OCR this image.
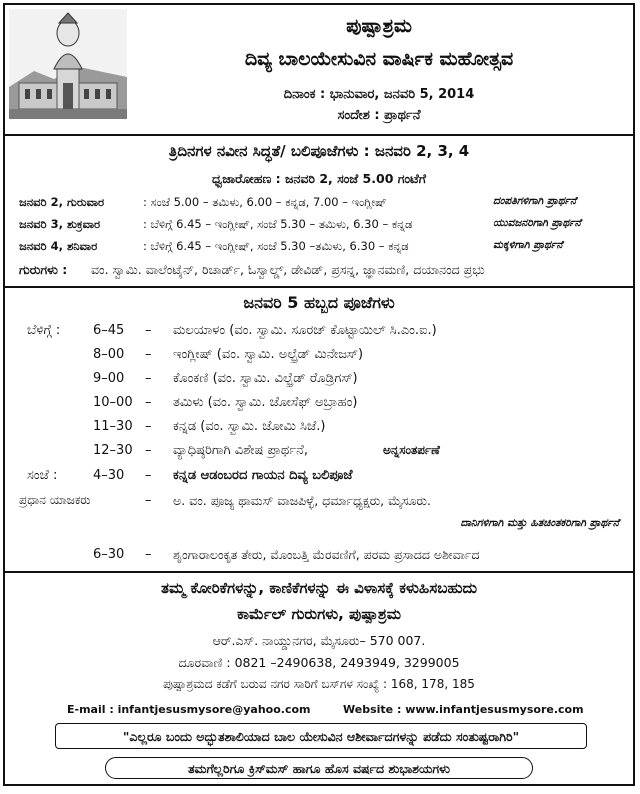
ಪುಷ್ಪಾಶ್ರಮ
ದಿವ್ಯ ಬಾಲಯೇಸುವಿನ ವಾರ್ಷಿಕ ಮಹೋತ್ಸವ
ದಿನಾಂಕ : ಭಾನುವಾರ, ಜನವರಿ 5, 2014
ಸಂದೇಶ : ಪ್ರಾರ್ಥನೆ
ತ್ರಿದಿನಗಳ ನವೀನ ಸಿದ್ಧತೆ/ ಬಲಿಪೂಜೆಗಳು : ಜನವರಿ 2, 3, 4
ಧ್ವಜಾರೋಹಣ : ಜನವರಿ 2, ಸಂಜೆ 5.00 ಗಂಟೆಗೆ
ಜನವರಿ 2, ಗುರುವಾರ	: ಸಂಜೆ 5.00 – ತಮಿಳು, 6.00 – ಕನ್ನಡ, 7.00 – ಇಂಗ್ಲೀಷ್	ದಂಪತಿಗಳಿಗಾಗಿ ಪ್ರಾರ್ಥನೆ
ಜನವರಿ 3, ಶುಕ್ರವಾರ	: ಬೆಳಿಗ್ಗೆ 6.45 – ಇಂಗ್ಲೀಷ್, ಸಂಜೆ 5.30 – ತಮಿಳು, 6.30 – ಕನ್ನಡ	ಯುವಜನರಿಗಾಗಿ ಪ್ರಾರ್ಥನೆ
ಜನವರಿ 4, ಶನಿವಾರ	: ಬೆಳಿಗ್ಗೆ 6.45 – ಇಂಗ್ಲೀಷ್, ಸಂಜೆ 5.30 –ತಮಿಳು, 6.30 – ಕನ್ನಡ	ಮಕ್ಕಳಿಗಾಗಿ ಪ್ರಾರ್ಥನೆ
ಗುರುಗಳು : ವಂ. ಸ್ವಾಮಿ. ವಾಲೆಂಟೈನ್, ರಿಚಾರ್ಡ್, ಓಸ್ವಾಲ್ಡ್, ಡೇವಿಡ್, ಪ್ರಸನ್ನ, ಜ್ಞಾನಮಣಿ, ದಯಾನಂದ ಪ್ರಭು
ಜನವರಿ 5 ಹಬ್ಬದ ಪೂಜೆಗಳು
ಬೆಳಿಗ್ಗೆ :	6–45 – ಮಲಯಾಳಂ (ವಂ. ಸ್ವಾಮಿ. ಸೂರಜ್ ಕೊಟ್ಟಾಯಿಲ್ ಸಿ.ಎಂ.ಐ.)
8–00 – ಇಂಗ್ಲೀಷ್ (ವಂ. ಸ್ವಾಮಿ. ಅಲ್ಫ್ರೆಡ್ ಮಿನೇಜಸ್)
9–00 – ಕೊಂಕಣಿ (ವಂ. ಸ್ವಾಮಿ. ವಿಲ್ಫ್ರೆಡ್ ರೊಡ್ರಿಗಸ್)
10–00 – ತಮಿಳು (ವಂ. ಸ್ವಾಮಿ. ಜೋಸೆಫ್ ಅಬ್ರಾಹಂ)
11–30 – ಕನ್ನಡ (ವಂ. ಸ್ವಾಮಿ. ಜೋಮಿ ಸಿಜೆ.)
12–30 – ವ್ಯಾಧಿಷ್ಠರಿಗಾಗಿ ವಿಶೇಷ ಪ್ರಾರ್ಥನೆ,	ಅನ್ನಸಂತರ್ಪಣೆ
ಸಂಜೆ :	4–30 – ಕನ್ನಡ ಆಡಂಬರದ ಗಾಯನ ದಿವ್ಯ ಬಲಿಪೂಜೆ
ಪ್ರಧಾನ ಯಾಜಕರು	– ಅ. ವಂ. ಪೂಜ್ಯ ಥಾಮಸ್ ವಾಜಪಿಳ್ಳೆ, ಧರ್ಮಾಧ್ಯಕ್ಷರು, ಮೈಸೂರು.
ದಾನಿಗಳಿಗಾಗಿ ಮತ್ತು ಹಿತಚಿಂತಕರಿಗಾಗಿ ಪ್ರಾರ್ಥನೆ
6–30 – ಶೃಂಗಾರಾಲಂಕೃತ ತೇರು, ಮೊಂಬತ್ತಿ ಮೆರವಣಿಗೆ, ಪರಮ ಪ್ರಸಾದದ ಅಶೀರ್ವಾದ
ತಮ್ಮ ಕೋರಿಕೆಗಳನ್ನು, ಕಾಣಿಕೆಗಳನ್ನು ಈ ವಿಳಾಸಕ್ಕೆ ಕಳುಹಿಸಬಹುದು
ಕಾರ್ಮೆಲ್ ಗುರುಗಳು, ಪುಷ್ಪಾಶ್ರಮ
ಆರ್.ಎಸ್. ನಾಯ್ಡುನಗರ, ಮೈಸೂರು– 570 007.
ದೂರವಾಣಿ : 0821 –2490638, 2493949, 3299005
ಪುಷ್ಪಾಶ್ರಮದ ಕಡೆಗೆ ಬರುವ ನಗರ ಸಾರಿಗೆ ಬಸ್‌ಗಳ ಸಂಖ್ಯೆ : 168, 178, 185
E-mail : infantjesusmysore@yahoo.com	Website : www.infantjesusmysore.com
"ಎಲ್ಲರೂ ಬಂದು ಅದ್ಭುತಶಾಲಿಯಾದ ಬಾಲ ಯೇಸುವಿನ ಆಶೀರ್ವಾದಗಳನ್ನು ಪಡೆದು ಸಂತುಷ್ಟರಾಗಿರಿ"
ತಮಗೆಲ್ಲರಿಗೂ ಕ್ರಿಸ್‌ಮಸ್ ಹಾಗೂ ಹೊಸ ವರ್ಷದ ಶುಭಾಶಯಗಳು
